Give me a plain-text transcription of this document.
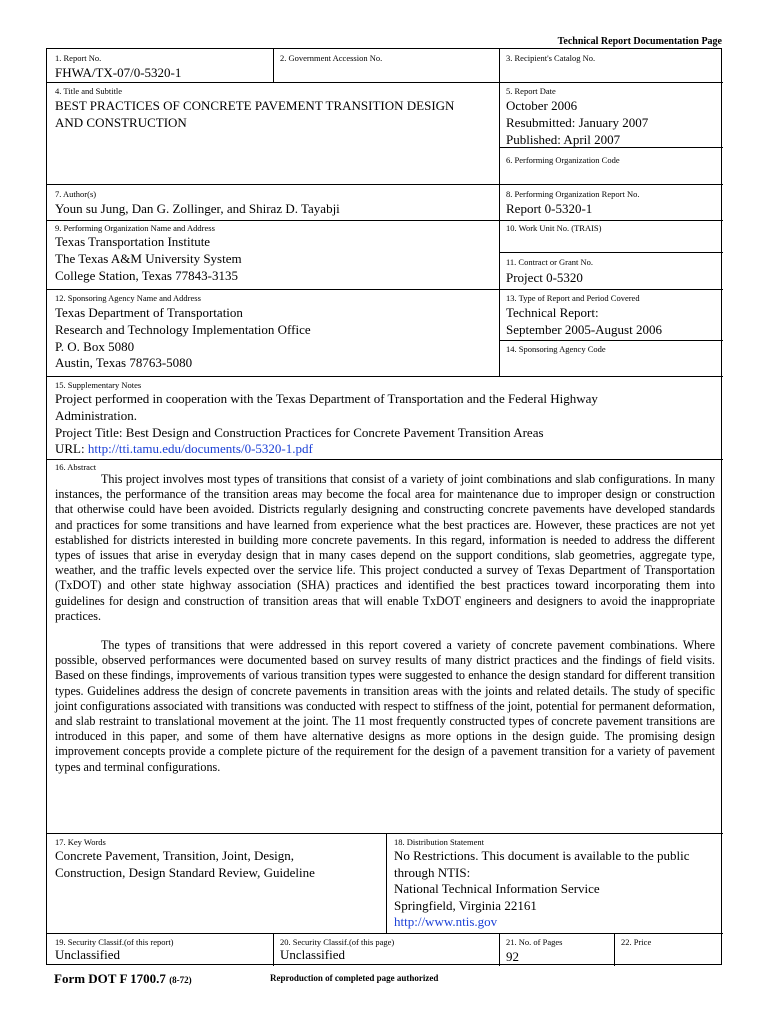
Technical Report Documentation Page
1. Report No.
FHWA/TX-07/0-5320-1
2. Government Accession No.	3. Recipient's Catalog No.
4. Title and Subtitle
BEST PRACTICES OF CONCRETE PAVEMENT TRANSITION DESIGN
AND CONSTRUCTION
5. Report Date
October 2006
Resubmitted: January 2007
Published: April 2007
6. Performing Organization Code
7. Author(s)
Youn su Jung, Dan G. Zollinger, and Shiraz D. Tayabji
8. Performing Organization Report No.
Report 0-5320-1
9. Performing Organization Name and Address
Texas Transportation Institute
The Texas A&M University System
College Station, Texas 77843-3135
10. Work Unit No. (TRAIS)
11. Contract or Grant No.
Project 0-5320
12. Sponsoring Agency Name and Address
Texas Department of Transportation
Research and Technology Implementation Office
P. O. Box 5080
Austin, Texas 78763-5080
13. Type of Report and Period Covered
Technical Report:
September 2005-August 2006
14. Sponsoring Agency Code
15. Supplementary Notes
Project performed in cooperation with the Texas Department of Transportation and the Federal Highway
Administration.
Project Title: Best Design and Construction Practices for Concrete Pavement Transition Areas
URL: http://tti.tamu.edu/documents/0-5320-1.pdf
16. Abstract

This project involves most types of transitions that consist of a variety of joint combinations and slab configurations. In many instances, the performance of the transition areas may become the focal area for maintenance due to improper design or construction that otherwise could have been avoided. Districts regularly designing and constructing concrete pavements have developed standards and practices for some transitions and have learned from experience what the best practices are. However, these practices are not yet established for districts interested in building more concrete pavements. In this regard, information is needed to address the different types of issues that arise in everyday design that in many cases depend on the support conditions, slab geometries, aggregate type, weather, and the traffic levels expected over the service life. This project conducted a survey of Texas Department of Transportation (TxDOT) and other state highway association (SHA) practices and identified the best practices toward incorporating them into guidelines for design and construction of transition areas that will enable TxDOT engineers and designers to avoid the inappropriate practices.

The types of transitions that were addressed in this report covered a variety of concrete pavement combinations. Where possible, observed performances were documented based on survey results of many district practices and the findings of field visits. Based on these findings, improvements of various transition types were suggested to enhance the design standard for different transition types. Guidelines address the design of concrete pavements in transition areas with the joints and related details. The study of specific joint configurations associated with transitions was conducted with respect to stiffness of the joint, potential for permanent deformation, and slab restraint to translational movement at the joint. The 11 most frequently constructed types of concrete pavement transitions are introduced in this paper, and some of them have alternative designs as more options in the design guide. The promising design improvement concepts provide a complete picture of the requirement for the design of a pavement transition for a variety of pavement types and terminal configurations.

17. Key Words
Concrete Pavement, Transition, Joint, Design,
Construction, Design Standard Review, Guideline
18. Distribution Statement
No Restrictions. This document is available to the public
through NTIS:
National Technical Information Service
Springfield, Virginia 22161
http://www.ntis.gov
19. Security Classif.(of this report)
Unclassified
20. Security Classif.(of this page)
Unclassified
21. No. of Pages
92
22. Price
Form DOT F 1700.7 (8-72)	Reproduction of completed page authorized
